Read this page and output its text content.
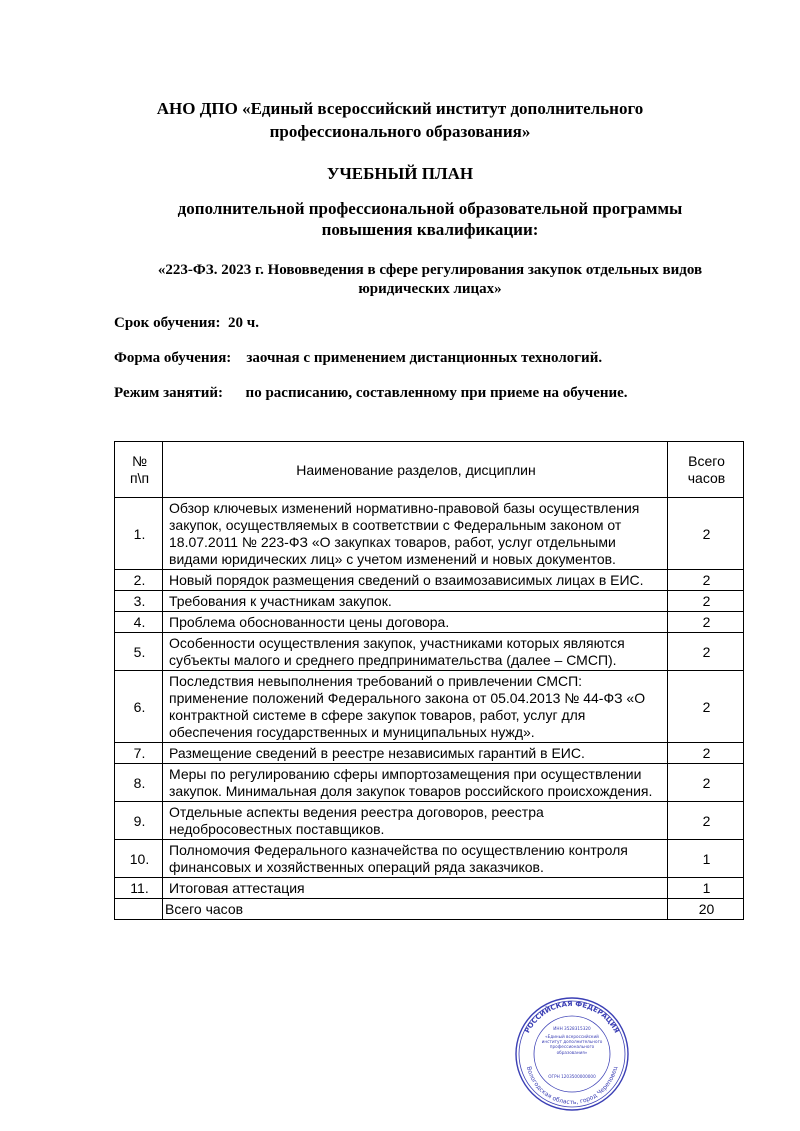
АНО ДПО «Единый всероссийский институт дополнительного
профессионального образования»
УЧЕБНЫЙ ПЛАН
дополнительной профессиональной образовательной программы
повышения квалификации:
«223-ФЗ. 2023 г. Нововведения в сфере регулирования закупок отдельных видов
юридических лицах»
Срок обучения: 20 ч.
Форма обучения: заочная с применением дистанционных технологий.
Режим занятий: по расписанию, составленному при приеме на обучение.
№ п\п	Наименование разделов, дисциплин	Всего часов
1.	Обзор ключевых изменений нормативно-правовой базы осуществления закупок, осуществляемых в соответствии с Федеральным законом от 18.07.2011 № 223-ФЗ «О закупках товаров, работ, услуг отдельными видами юридических лиц» с учетом изменений и новых документов.	2
2.	Новый порядок размещения сведений о взаимозависимых лицах в ЕИС.	2
3.	Требования к участникам закупок.	2
4.	Проблема обоснованности цены договора.	2
5.	Особенности осуществления закупок, участниками которых являются субъекты малого и среднего предпринимательства (далее – СМСП).	2
6.	Последствия невыполнения требований о привлечении СМСП: применение положений Федерального закона от 05.04.2013 № 44-ФЗ «О контрактной системе в сфере закупок товаров, работ, услуг для обеспечения государственных и муниципальных нужд».	2
7.	Размещение сведений в реестре независимых гарантий в ЕИС.	2
8.	Меры по регулированию сферы импортозамещения при осуществлении закупок. Минимальная доля закупок товаров российского происхождения.	2
9.	Отдельные аспекты ведения реестра договоров, реестра недобросовестных поставщиков.	2
10.	Полномочия Федерального казначейства по осуществлению контроля финансовых и хозяйственных операций ряда заказчиков.	1
11.	Итоговая аттестация	1
	Всего часов	20
РОССИЙСКАЯ ФЕДЕРАЦИЯ
Вологодская область, город Череповец
ИНН 3528315320
«Единый всероссийский институт дополнительного профессионального образования»
ОГРН 1203500000000
